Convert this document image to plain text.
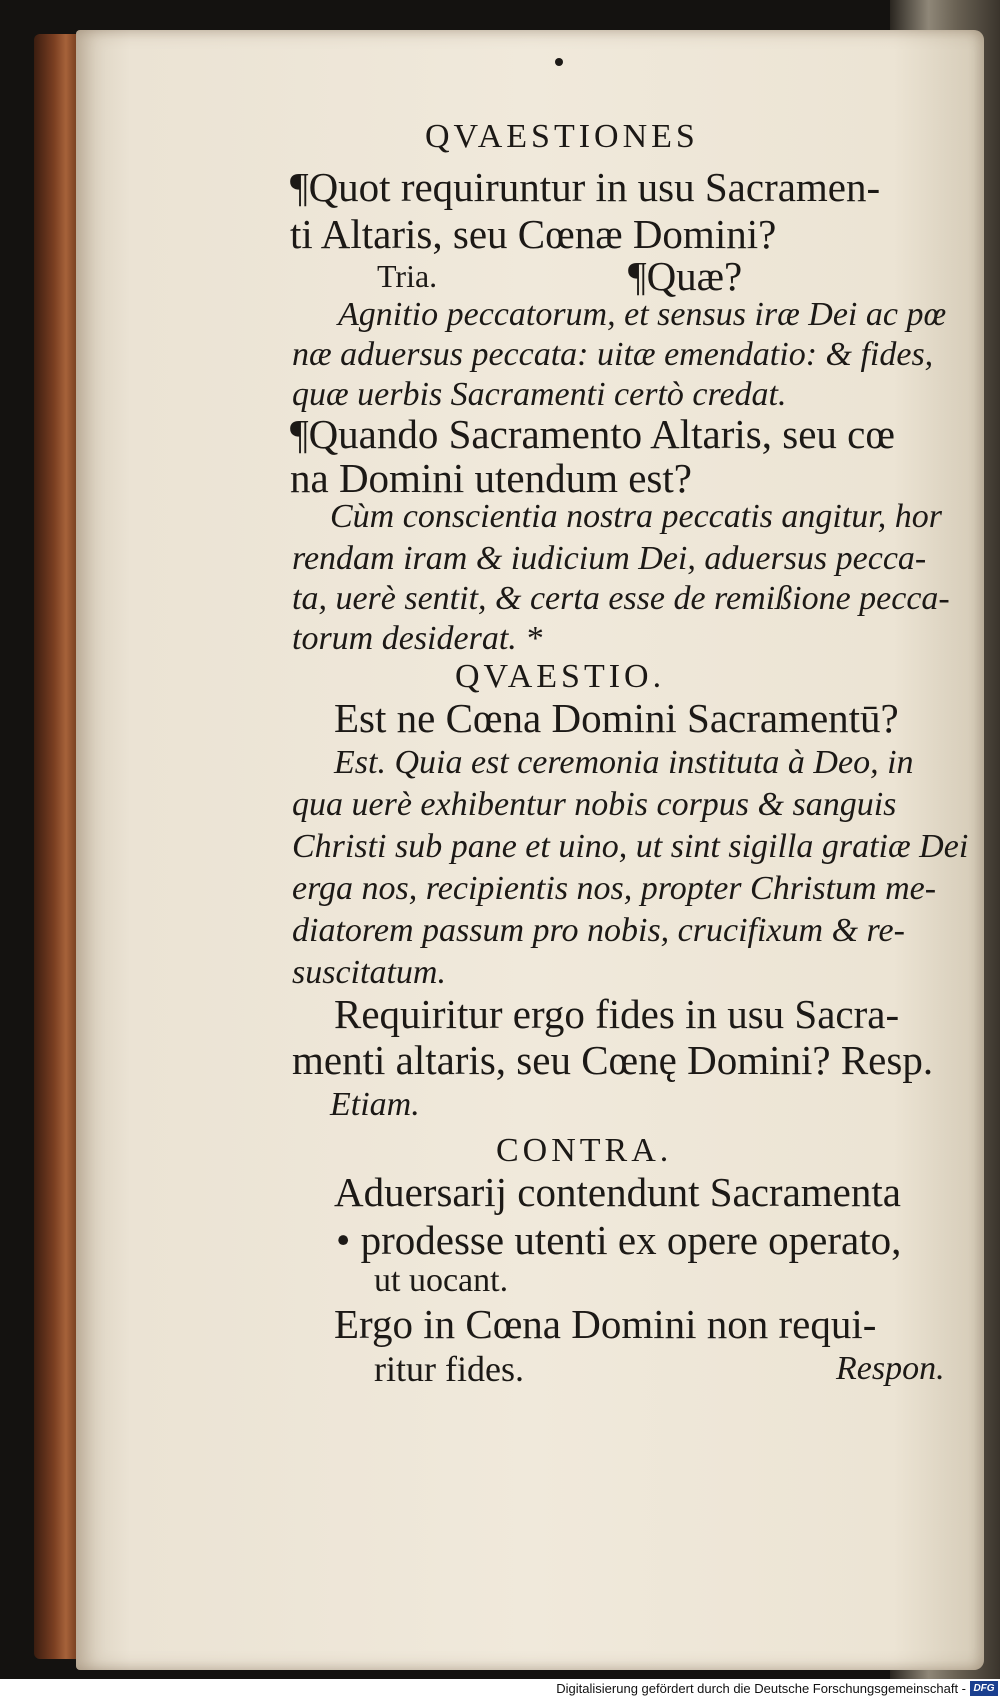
QVAESTIONES
¶Quot requiruntur in usu Sacramen-
ti Altaris, seu Cœnæ Domini?
Tria.	¶Quæ?
Agnitio peccatorum, et sensus iræ Dei ac pœ
næ aduersus peccata: uitæ emendatio: & fides,
quæ uerbis Sacramenti certò credat.
¶Quando Sacramento Altaris, seu cœ
na Domini utendum est?
Cùm conscientia nostra peccatis angitur, hor
rendam iram & iudicium Dei, aduersus pecca-
ta, uerè sentit, & certa esse de remißione pecca-
torum desiderat. *
QVAESTIO.
Est ne Cœna Domini Sacramentū?
Est. Quia est ceremonia instituta à Deo, in
qua uerè exhibentur nobis corpus & sanguis
Christi sub pane et uino, ut sint sigilla gratiæ Dei
erga nos, recipientis nos, propter Christum me-
diatorem passum pro nobis, crucifixum & re-
suscitatum.
Requiritur ergo fides in usu Sacra-
menti altaris, seu Cœnę Domini? Resp.
Etiam.
CONTRA.
Aduersarij contendunt Sacramenta
• prodesse utenti ex opere operato,
ut uocant.
Ergo in Cœna Domini non requi-
ritur fides.	Respon.
Digitalisierung gefördert durch die Deutsche Forschungsgemeinschaft - DFG
